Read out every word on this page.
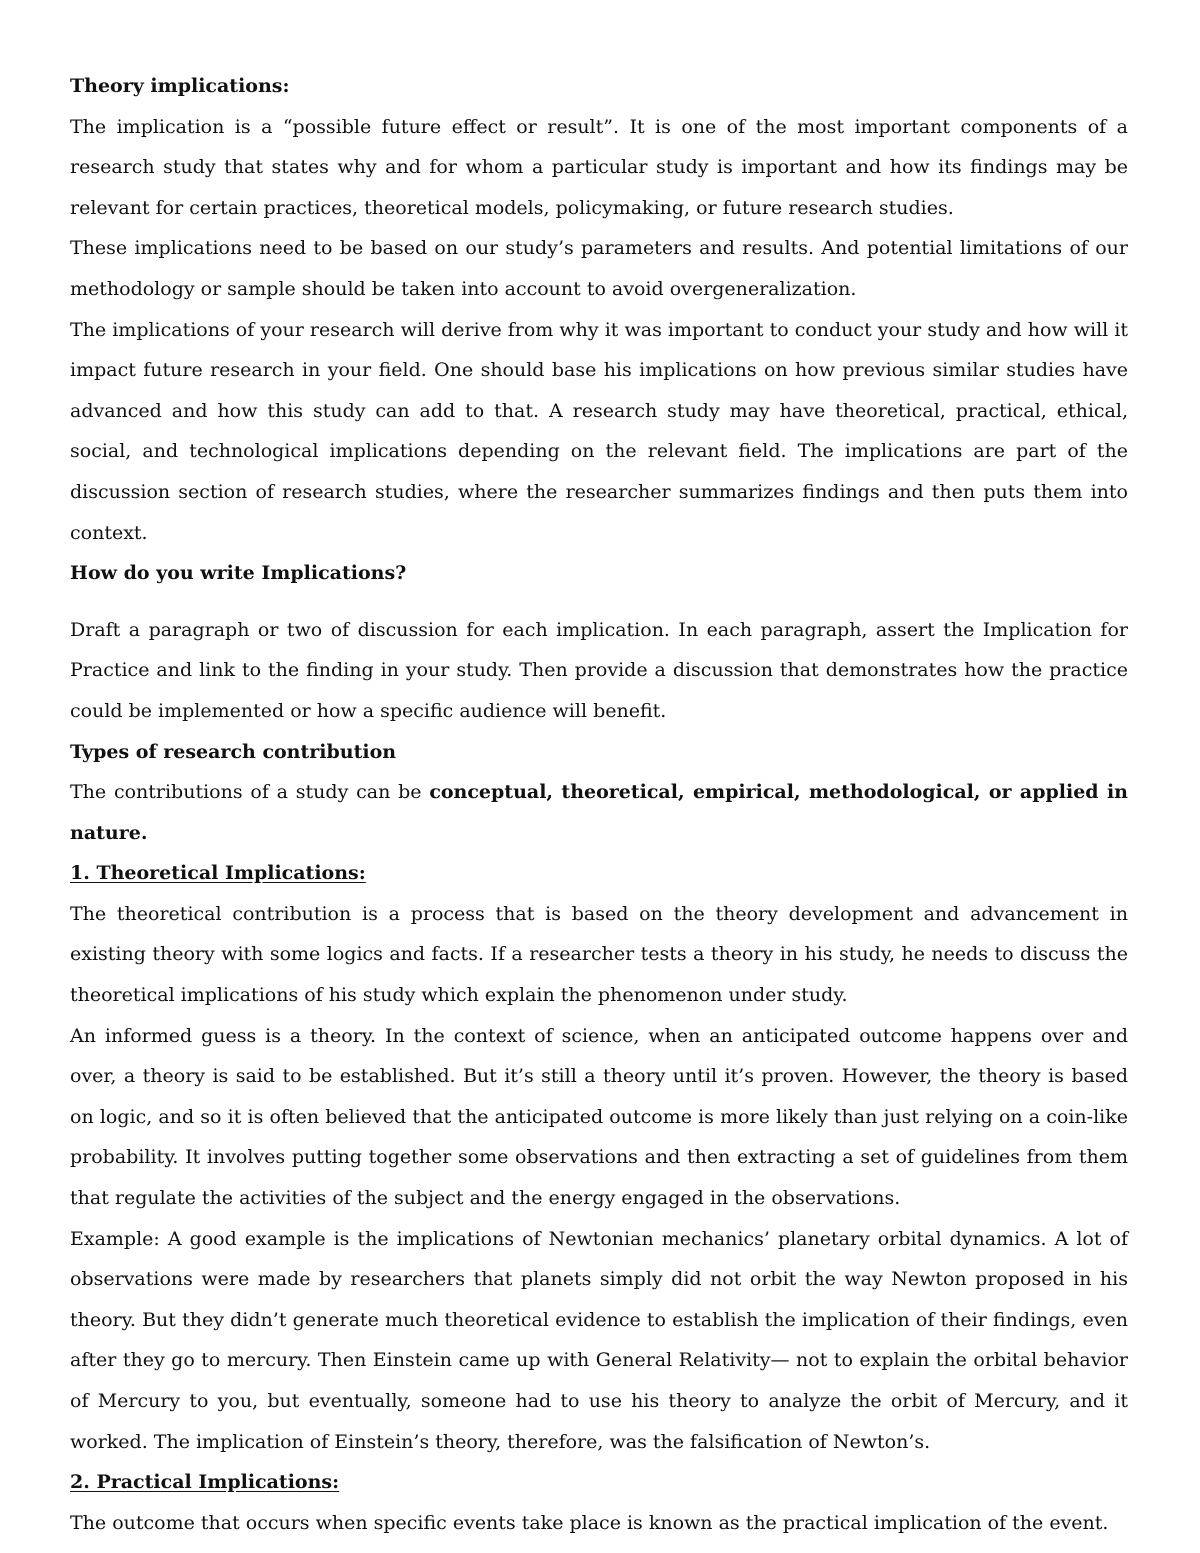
Theory implications:

The implication is a “possible future effect or result”. It is one of the most important components of a research study that states why and for whom a particular study is important and how its findings may be relevant for certain practices, theoretical models, policymaking, or future research studies.

These implications need to be based on our study’s parameters and results. And potential limitations of our methodology or sample should be taken into account to avoid overgeneralization.

The implications of your research will derive from why it was important to conduct your study and how will it impact future research in your field. One should base his implications on how previous similar studies have advanced and how this study can add to that. A research study may have theoretical, practical, ethical, social, and technological implications depending on the relevant field. The implications are part of the discussion section of research studies, where the researcher summarizes findings and then puts them into context.

How do you write Implications?

Draft a paragraph or two of discussion for each implication. In each paragraph, assert the Implication for Practice and link to the finding in your study. Then provide a discussion that demonstrates how the practice could be implemented or how a specific audience will benefit.

Types of research contribution

The contributions of a study can be conceptual, theoretical, empirical, methodological, or applied in nature.

1. Theoretical Implications:

The theoretical contribution is a process that is based on the theory development and advancement in existing theory with some logics and facts. If a researcher tests a theory in his study, he needs to discuss the theoretical implications of his study which explain the phenomenon under study.

An informed guess is a theory. In the context of science, when an anticipated outcome happens over and over, a theory is said to be established. But it’s still a theory until it’s proven. However, the theory is based on logic, and so it is often believed that the anticipated outcome is more likely than just relying on a coin-like probability. It involves putting together some observations and then extracting a set of guidelines from them that regulate the activities of the subject and the energy engaged in the observations.

Example: A good example is the implications of Newtonian mechanics’ planetary orbital dynamics. A lot of observations were made by researchers that planets simply did not orbit the way Newton proposed in his theory. But they didn’t generate much theoretical evidence to establish the implication of their findings, even after they go to mercury. Then Einstein came up with General Relativity— not to explain the orbital behavior of Mercury to you, but eventually, someone had to use his theory to analyze the orbit of Mercury, and it worked. The implication of Einstein’s theory, therefore, was the falsification of Newton’s.

2. Practical Implications:

The outcome that occurs when specific events take place is known as the practical implication of the event.
